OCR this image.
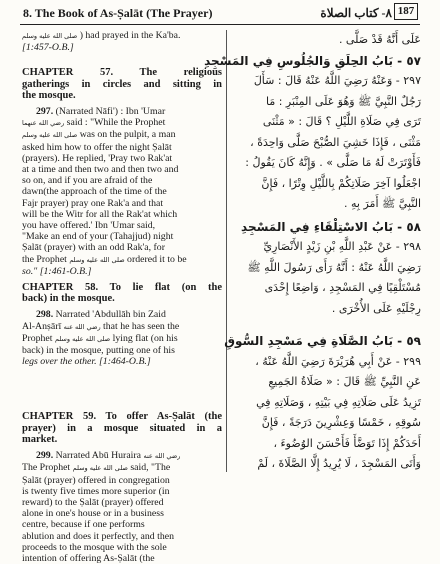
8. The Book of As-Ṣalāt (The Prayer)	٨- كتاب الصلاة 187
صلى الله عليه وسلم ) had prayed in the Ka'ba.
[1:457-O.B.]
CHAPTER 57. The religious
gatherings in circles and sitting in
the mosque.
297. (Narrated Nāfi') : Ibn 'Umar
رضي الله عنهما said : "While the Prophet
صلى الله عليه وسلم was on the pulpit, a man
asked him how to offer the night Ṣalāt
(prayers). He replied, 'Pray two Rak'at
at a time and then two and then two and
so on, and if you are afraid of the
dawn(the approach of the time of the
Fajr prayer) pray one Rak'a and that
will be the Witr for all the Rak'at which
you have offered.' Ibn 'Umar said,
"Make an end of your (Tahajjud) night
Ṣalāt (prayer) with an odd Rak'a, for
the Prophet صلى الله عليه وسلم ordered it to be
so." [1:461-O.B.]
CHAPTER 58. To lie flat (on the
back) in the mosque.
298. Narrated 'Abdullāh bin Zaid
Al-Anṣārī رضي الله عنه that he has seen the
Prophet صلى الله عليه وسلم lying flat (on his
back) in the mosque, putting one of his
legs over the other. [1:464-O.B.]
CHAPTER 59. To offer As-Ṣalāt (the
prayer) in a mosque situated in a
market.
299. Narrated Abū Huraira رضي الله عنه
The Prophet صلى الله عليه وسلم said, "The
Ṣalāt (prayer) offered in congregation
is twenty five times more superior (in
reward) to the Ṣalāt (prayer) offered
alone in one's house or in a business
centre, because if one performs
ablution and does it perfectly, and then
proceeds to the mosque with the sole
intention of offering As-Ṣalāt (the
عَلَى أَنَّهُ قَدْ صَلَّى .
٥٧ - بَابُ الحِلَقِ وَالجُلُوسِ فِي المَسْجِدِ
٢٩٧ - وَعَنْهُ رَضِيَ اللَّهُ عَنْهُ قَالَ : سَأَلَ
رَجُلٌ النَّبِيَّ ﷺ وَهُوَ عَلَى المِنْبَرِ : مَا
تَرَى فِي صَلَاةِ اللَّيْلِ ؟ قَالَ : « مَثْنَى
مَثْنَى ، فَإِذَا خَشِيَ الصُّبْحَ صَلَّى وَاحِدَةً ،
فَأَوْتَرَتْ لَهُ مَا صَلَّى » . وَإِنَّهُ كَانَ يَقُولُ :
اجْعَلُوا آخِرَ صَلَاتِكُمْ بِاللَّيْلِ وِتْرًا ، فَإِنَّ
النَّبِيَّ ﷺ أَمَرَ بِهِ .
٥٨ - بَابُ الاسْتِلْقَاءِ فِي المَسْجِدِ
٢٩٨ - عَنْ عَبْدِ اللَّهِ بْنِ زَيْدٍ الأَنْصَارِيِّ
رَضِيَ اللَّهُ عَنْهُ : أَنَّهُ رَأَى رَسُولَ اللَّهِ ﷺ
مُسْتَلْقِيًا فِي المَسْجِدِ ، وَاضِعًا إِحْدَى
رِجْلَيْهِ عَلَى الأُخْرَى .
٥٩ - بَابُ الصَّلَاةِ فِي مَسْجِدِ السُّوقِ
٢٩٩ - عَنْ أَبِي هُرَيْرَةَ رَضِيَ اللَّهُ عَنْهُ ،
عَنِ النَّبِيِّ ﷺ قَالَ : « صَلَاةُ الجَمِيعِ
تَزِيدُ عَلَى صَلَاتِهِ فِي بَيْتِهِ ، وَصَلَاتِهِ فِي
سُوقِهِ ، خَمْسًا وَعِشْرِينَ دَرَجَةً ، فَإِنَّ
أَحَدَكُمْ إِذَا تَوَضَّأَ فَأَحْسَنَ الوُضُوءَ ،
وَأَتَى المَسْجِدَ ، لَا يُرِيدُ إِلَّا الصَّلَاةَ ، لَمْ
